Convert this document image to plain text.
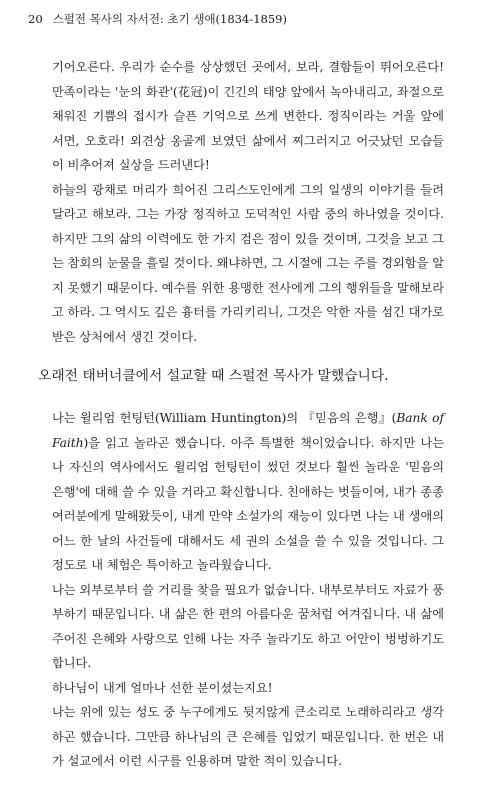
20 스펄전 목사의 자서전: 초기 생애(1834-1859)

기어오른다. 우리가 순수를 상상했던 곳에서, 보라, 결함들이 뛰어오른다! 만족이라는 '눈의 화관'(花冠)이 긴긴의 태양 앞에서 녹아내리고, 좌절으로 채워진 기쁨의 접시가 슬픈 기억으로 쓰게 변한다. 정직이라는 거울 앞에 서면, 오호라! 외견상 옹골게 보였던 삶에서 찌그러지고 어긋났던 모습들이 비추어져 실상을 드러낸다!

하늘의 광채로 머리가 희어진 그리스도인에게 그의 일생의 이야기를 들려달라고 해보라. 그는 가장 정직하고 도덕적인 사람 중의 하나였을 것이다. 하지만 그의 삶의 이력에도 한 가지 검은 점이 있을 것이며, 그것을 보고 그는 참회의 눈물을 흘릴 것이다. 왜냐하면, 그 시절에 그는 주를 경외함을 알지 못했기 때문이다. 예수를 위한 용맹한 전사에게 그의 행위들을 말해보라고 하라. 그 역시도 깊은 흉터를 가리키리니, 그것은 악한 자를 섬긴 대가로 받은 상처에서 생긴 것이다.

오래전 태버너클에서 설교할 때 스펄전 목사가 말했습니다.

나는 윌리엄 헌팅턴(William Huntington)의 『믿음의 은행』(Bank of Faith)을 읽고 놀라곤 했습니다. 아주 특별한 책이었습니다. 하지만 나는 나 자신의 역사에서도 윌리엄 헌팅턴이 썼던 것보다 훨씬 놀라운 '믿음의 은행'에 대해 쓸 수 있을 거라고 확신합니다. 친애하는 벗들이여, 내가 종종 여러분에게 말해왔듯이, 내게 만약 소설가의 재능이 있다면 나는 내 생애의 어느 한 날의 사건들에 대해서도 세 권의 소설을 쓸 수 있을 것입니다. 그 정도로 내 체험은 특이하고 놀라웠습니다.

나는 외부로부터 쓸 거리를 찾을 필요가 없습니다. 내부로부터도 자료가 풍부하기 때문입니다. 내 삶은 한 편의 아름다운 꿈처럼 여겨집니다. 내 삶에 주어진 은혜와 사랑으로 인해 나는 자주 놀라기도 하고 어안이 벙벙하기도 합니다.

하나님이 내게 얼마나 선한 분이셨는지요!

나는 위에 있는 성도 중 누구에게도 뒷지않게 큰소리로 노래하리라고 생각하곤 했습니다. 그만큼 하나님의 큰 은혜를 입었기 때문입니다. 한 번은 내가 설교에서 이런 시구를 인용하며 말한 적이 있습니다.
